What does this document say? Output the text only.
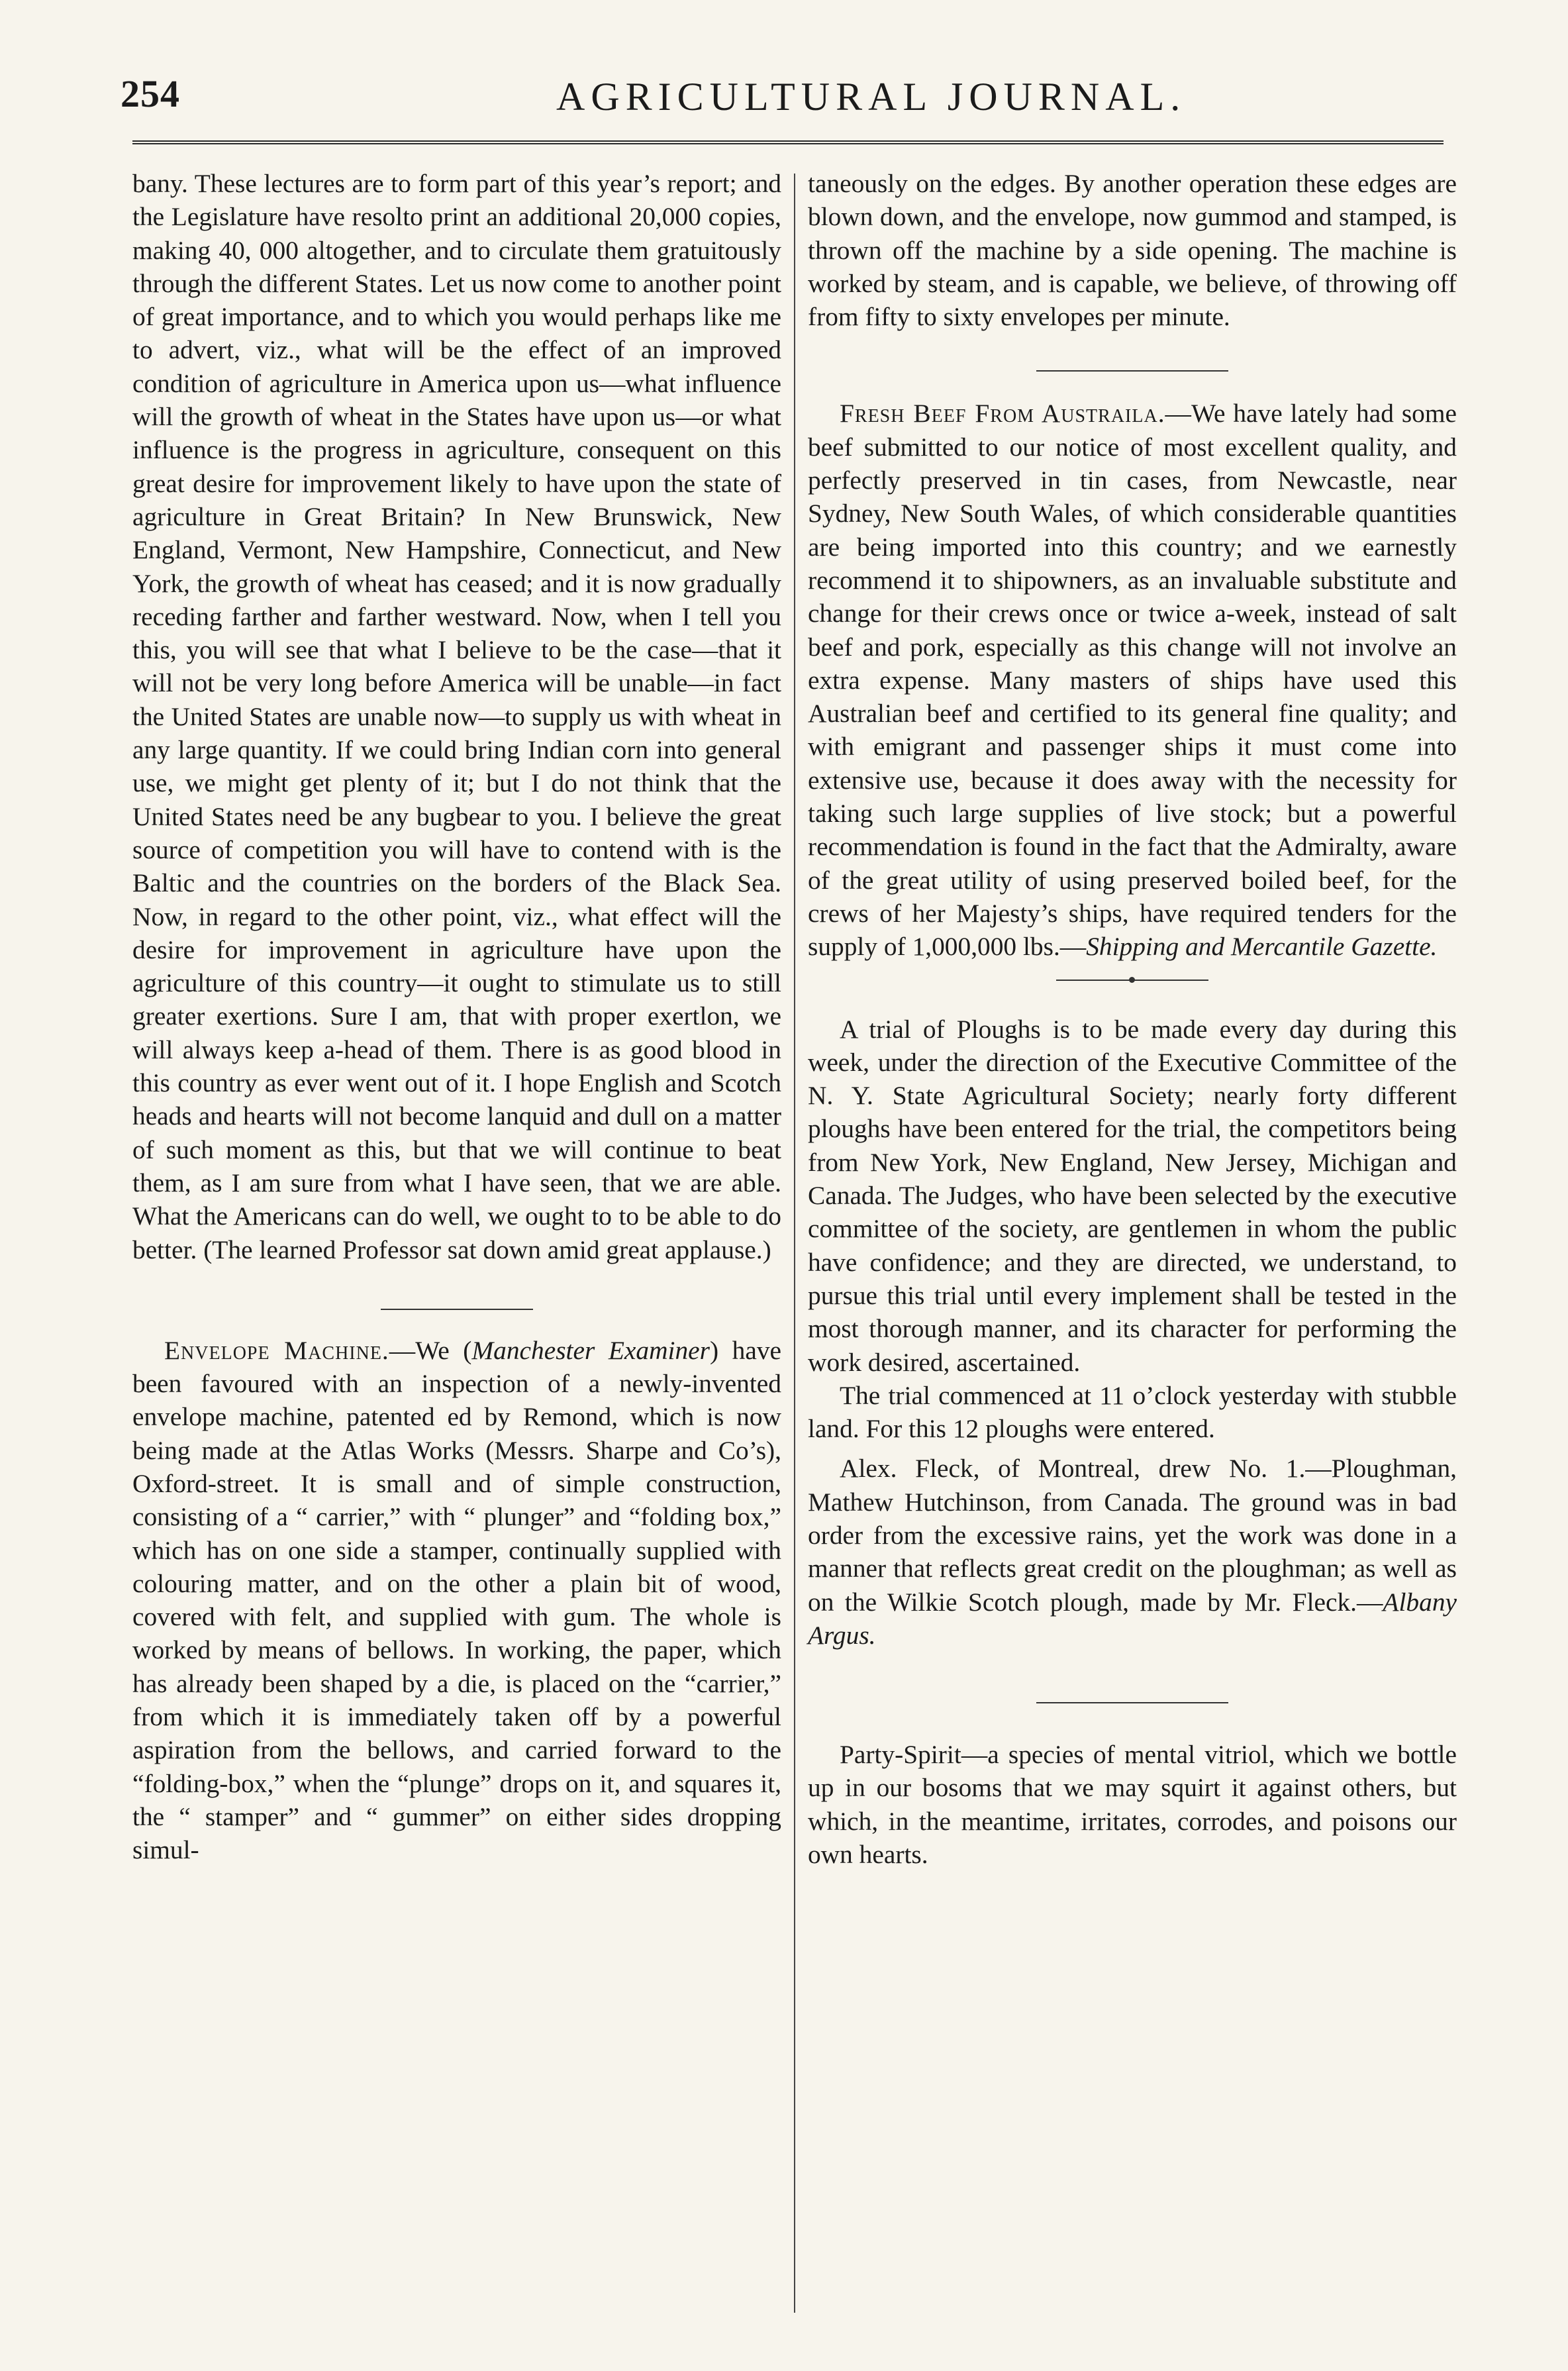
254	AGRICULTURAL JOURNAL.

bany. These lectures are to form part of this year’s report; and the Legislature have resolto print an additional 20,000 copies, making 40, 000 altogether, and to circulate them gratuitously through the different States. Let us now come to another point of great importance, and to which you would perhaps like me to advert, viz., what will be the effect of an improved condition of agriculture in America upon us—what influence will the growth of wheat in the States have upon us—or what influence is the progress in agriculture, consequent on this great desire for improvement likely to have upon the state of agriculture in Great Britain? In New Brunswick, New England, Vermont, New Hampshire, Connecticut, and New York, the growth of wheat has ceased; and it is now gradually receding farther and farther westward. Now, when I tell you this, you will see that what I believe to be the case—that it will not be very long before America will be unable—in fact the United States are unable now—to supply us with wheat in any large quantity. If we could bring Indian corn into general use, we might get plenty of it; but I do not think that the United States need be any bugbear to you. I believe the great source of competition you will have to contend with is the Baltic and the countries on the borders of the Black Sea. Now, in regard to the other point, viz., what effect will the desire for improvement in agriculture have upon the agriculture of this country—it ought to stimulate us to still greater exertions. Sure I am, that with proper exertlon, we will always keep a-head of them. There is as good blood in this country as ever went out of it. I hope English and Scotch heads and hearts will not become lanquid and dull on a matter of such moment as this, but that we will continue to beat them, as I am sure from what I have seen, that we are able. What the Americans can do well, we ought to to be able to do better. (The learned Professor sat down amid great applause.)

Envelope Machine.—We (Manchester Examiner) have been favoured with an inspection of a newly-invented envelope machine, patented ed by Remond, which is now being made at the Atlas Works (Messrs. Sharpe and Co’s), Oxford-street. It is small and of simple construction, consisting of a “ carrier,” with “ plunger” and “folding box,” which has on one side a stamper, continually supplied with colouring matter, and on the other a plain bit of wood, covered with felt, and supplied with gum. The whole is worked by means of bellows. In working, the paper, which has already been shaped by a die, is placed on the “carrier,” from which it is immediately taken off by a powerful aspiration from the bellows, and carried forward to the “folding-box,” when the “plunge” drops on it, and squares it, the “ stamper” and “ gummer” on either sides dropping simul-

taneously on the edges. By another operation these edges are blown down, and the envelope, now gummod and stamped, is thrown off the machine by a side opening. The machine is worked by steam, and is capable, we believe, of throwing off from fifty to sixty envelopes per minute.

Fresh Beef From Austraila.—We have lately had some beef submitted to our notice of most excellent quality, and perfectly preserved in tin cases, from Newcastle, near Sydney, New South Wales, of which considerable quantities are being imported into this country; and we earnestly recommend it to shipowners, as an invaluable substitute and change for their crews once or twice a-week, instead of salt beef and pork, especially as this change will not involve an extra expense. Many masters of ships have used this Australian beef and certified to its general fine quality; and with emigrant and passenger ships it must come into extensive use, because it does away with the necessity for taking such large supplies of live stock; but a powerful recommendation is found in the fact that the Admiralty, aware of the great utility of using preserved boiled beef, for the crews of her Majesty’s ships, have required tenders for the supply of 1,000,000 lbs.—Shipping and Mercantile Gazette.

A trial of Ploughs is to be made every day during this week, under the direction of the Executive Committee of the N. Y. State Agricultural Society; nearly forty different ploughs have been entered for the trial, the competitors being from New York, New England, New Jersey, Michigan and Canada. The Judges, who have been selected by the executive committee of the society, are gentlemen in whom the public have confidence; and they are directed, we understand, to pursue this trial until every implement shall be tested in the most thorough manner, and its character for performing the work desired, ascertained.

The trial commenced at 11 o’clock yesterday with stubble land. For this 12 ploughs were entered.

Alex. Fleck, of Montreal, drew No. 1.—Ploughman, Mathew Hutchinson, from Canada. The ground was in bad order from the excessive rains, yet the work was done in a manner that reflects great credit on the ploughman; as well as on the Wilkie Scotch plough, made by Mr. Fleck.—Albany Argus.

Party-Spirit—a species of mental vitriol, which we bottle up in our bosoms that we may squirt it against others, but which, in the meantime, irritates, corrodes, and poisons our own hearts.
